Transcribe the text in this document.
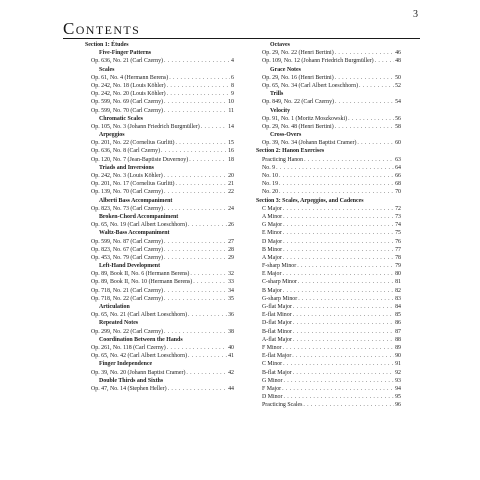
3
Contents
Section 1: Études
Five-Finger Patterns
Op. 636, No. 21 (Carl Czerny) . . .	4
Scales
Op. 61, No. 4 (Hermann Berens) . . .	6
Op. 242, No. 18 (Louis Köhler) . . .	8
Op. 242, No. 20 (Louis Köhler) . . .	9
Op. 599, No. 69 (Carl Czerny) . . .	10
Op. 599, No. 70 (Carl Czerny) . . .	11
Chromatic Scales
Op. 105, No. 3 (Johann Friedrich Burgmüller) . . .	14
Arpeggios
Op. 201, No. 22 (Cornelius Gurlitt) . . .	15
Op. 636, No. 8 (Carl Czerny) . . .	16
Op. 120, No. 7 (Jean-Baptiste Duvernoy) . . .	18
Triads and Inversions
Op. 242, No. 3 (Louis Köhler) . . .	20
Op. 201, No. 17 (Cornelius Gurlitt) . . .	21
Op. 139, No. 70 (Carl Czerny) . . .	22
Alberti Bass Accompaniment
Op. 823, No. 73 (Carl Czerny) . . .	24
Broken-Chord Accompaniment
Op. 65, No. 19 (Carl Albert Loeschhorn) . . .	26
Waltz-Bass Accompaniment
Op. 599, No. 87 (Carl Czerny) . . .	27
Op. 823, No. 67 (Carl Czerny) . . .	28
Op. 453, No. 79 (Carl Czerny) . . .	29
Left-Hand Development
Op. 89, Book II, No. 6 (Hermann Berens) . . .	32
Op. 89, Book II, No. 10 (Hermann Berens) . . .	33
Op. 718, No. 21 (Carl Czerny) . . .	34
Op. 718, No. 22 (Carl Czerny) . . .	35
Articulation
Op. 65, No. 21 (Carl Albert Loeschhorn) . . .	36
Repeated Notes
Op. 299, No. 22 (Carl Czerny) . . .	38
Coordination Between the Hands
Op. 261, No. 118 (Carl Czerny) . . .	40
Op. 65, No. 42 (Carl Albert Loeschhorn) . . .	41
Finger Independence
Op. 39, No. 20 (Johann Baptist Cramer) . . .	42
Double Thirds and Sixths
Op. 47, No. 14 (Stephen Heller) . . .	44
Octaves
Op. 29, No. 22 (Henri Bertini) . . .	46
Op. 109, No. 12 (Johann Friedrich Burgmüller) . . .	48
Grace Notes
Op. 29, No. 16 (Henri Bertini) . . .	50
Op. 65, No. 34 (Carl Albert Loeschhorn) . . .	52
Trills
Op. 849, No. 22 (Carl Czerny) . . .	54
Velocity
Op. 91, No. 1 (Moritz Moszkowski) . . .	56
Op. 29, No. 48 (Henri Bertini) . . .	58
Cross-Overs
Op. 39, No. 34 (Johann Baptist Cramer) . . .	60
Section 2: Hanon Exercises
Practicing Hanon . . .	63
No. 9 . . .	64
No. 10 . . .	66
No. 19 . . .	68
No. 20 . . .	70
Section 3: Scales, Arpeggios, and Cadences
C Major . . .	72
A Minor . . .	73
G Major . . .	74
E Minor . . .	75
D Major . . .	76
B Minor . . .	77
A Major . . .	78
F-sharp Minor . . .	79
E Major . . .	80
C-sharp Minor . . .	81
B Major . . .	82
G-sharp Minor . . .	83
G-flat Major . . .	84
E-flat Minor . . .	85
D-flat Major . . .	86
B-flat Minor . . .	87
A-flat Major . . .	88
F Minor . . .	89
E-flat Major . . .	90
C Minor . . .	91
B-flat Major . . .	92
G Minor . . .	93
F Major . . .	94
D Minor . . .	95
Practicing Scales . . .	96
